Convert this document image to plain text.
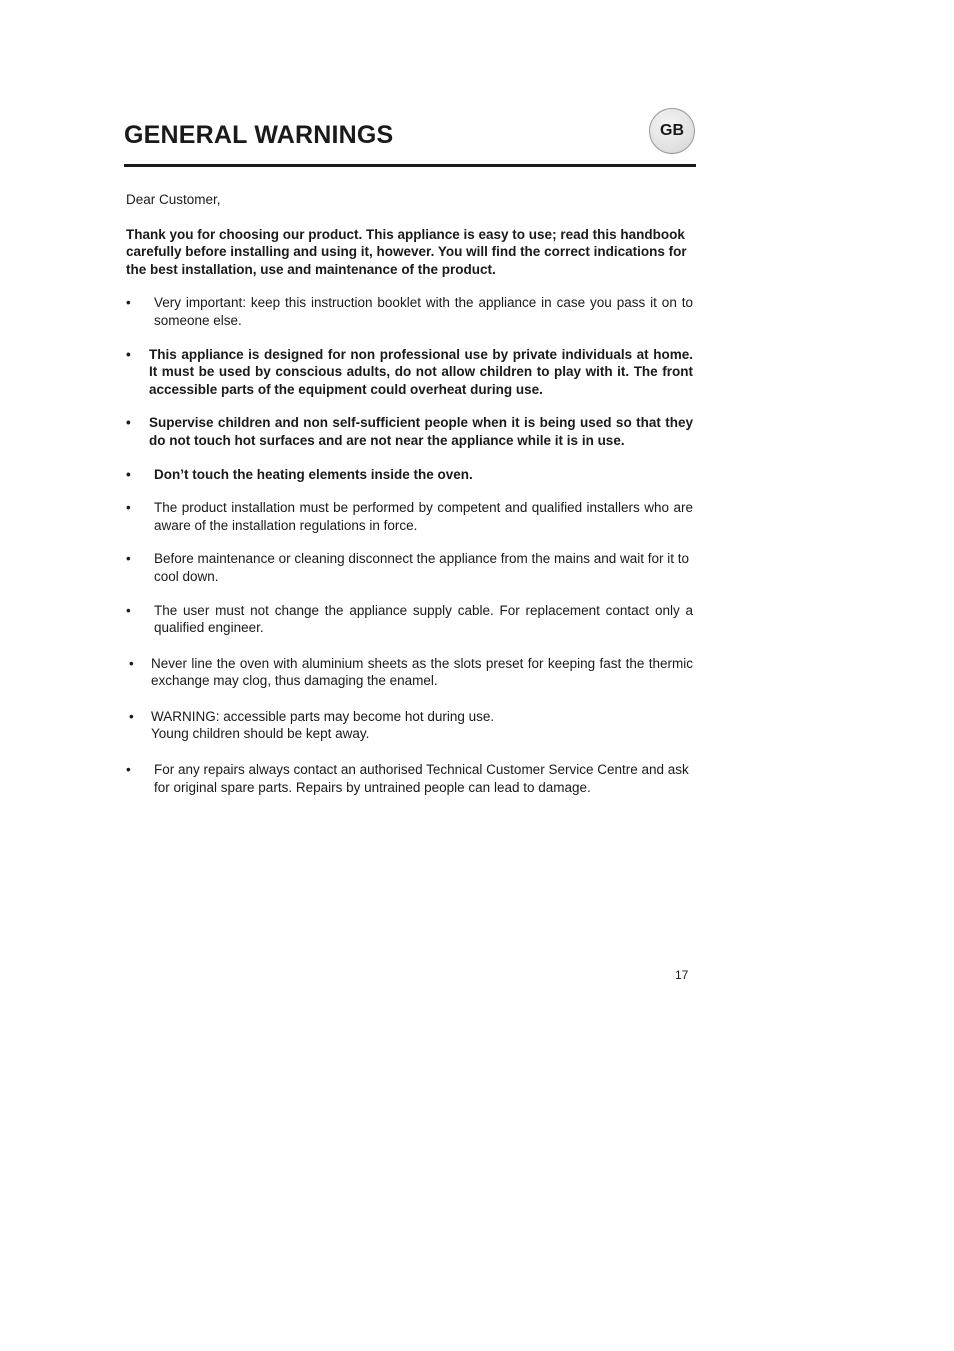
GENERAL WARNINGS	GB

Dear Customer,

Thank you for choosing our product. This appliance is easy to use; read this handbook carefully before installing and using it, however. You will find the correct indications for the best installation, use and maintenance of the product.

•	Very important: keep this instruction booklet with the appliance in case you pass it on to someone else.
•	This appliance is designed for non professional use by private individuals at home. It must be used by conscious adults, do not allow children to play with it. The front accessible parts of the equipment could overheat during use.
•	Supervise children and non self-sufficient people when it is being used so that they do not touch hot surfaces and are not near the appliance while it is in use.
•	Don’t touch the heating elements inside the oven.
•	The product installation must be performed by competent and qualified installers who are aware of the installation regulations in force.
•	Before maintenance or cleaning disconnect the appliance from the mains and wait for it to cool down.
•	The user must not change the appliance supply cable. For replacement contact only a qualified engineer.
•	Never line the oven with aluminium sheets as the slots preset for keeping fast the thermic exchange may clog, thus damaging the enamel.
• WARNING: accessible parts may become hot during use.
Young children should be kept away.
•	For any repairs always contact an authorised Technical Customer Service Centre and ask for original spare parts. Repairs by untrained people can lead to damage.
17
